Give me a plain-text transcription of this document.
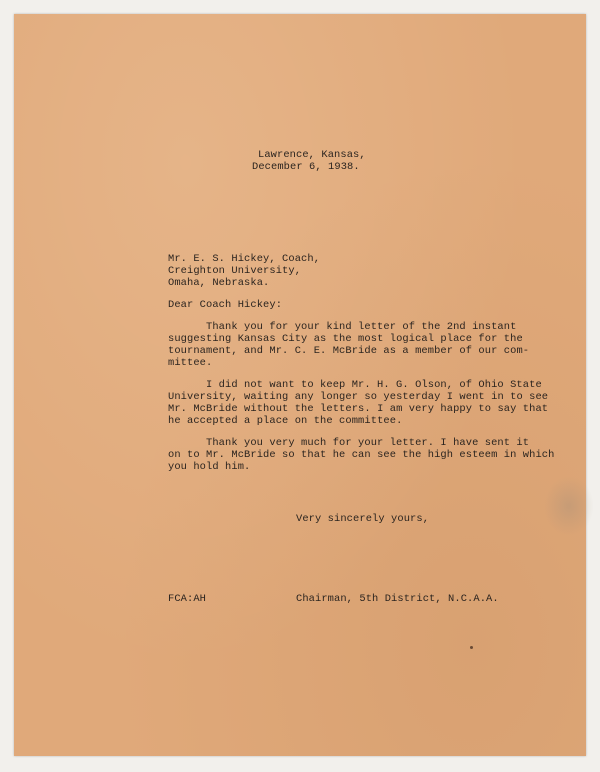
Lawrence, Kansas,
December 6, 1938.
Mr. E. S. Hickey, Coach,
Creighton University,
Omaha, Nebraska.
Dear Coach Hickey:
Thank you for your kind letter of the 2nd instant
suggesting Kansas City as the most logical place for the
tournament, and Mr. C. E. McBride as a member of our com-
mittee.
I did not want to keep Mr. H. G. Olson, of Ohio State
University, waiting any longer so yesterday I went in to see
Mr. McBride without the letters. I am very happy to say that
he accepted a place on the committee.
Thank you very much for your letter. I have sent it
on to Mr. McBride so that he can see the high esteem in which
you hold him.
Very sincerely yours,
FCA:AH	Chairman, 5th District, N.C.A.A.
